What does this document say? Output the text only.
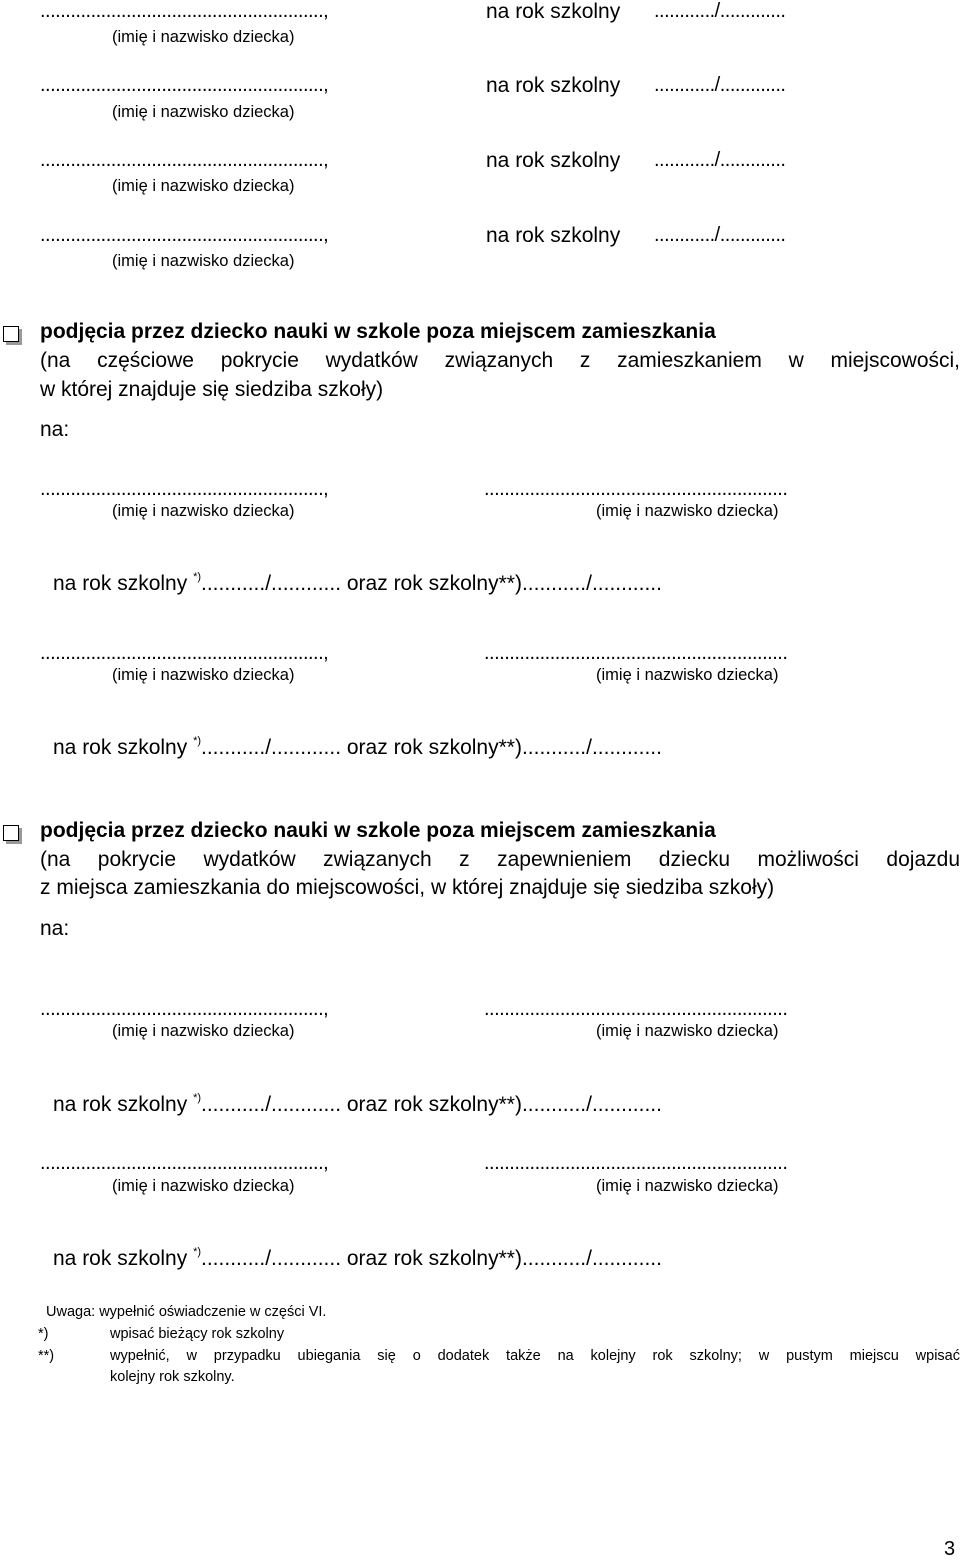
........................................................,	na rok szkolny ............/.............
(imię i nazwisko dziecka)
........................................................,	na rok szkolny ............/.............
(imię i nazwisko dziecka)
........................................................,	na rok szkolny ............/.............
(imię i nazwisko dziecka)
........................................................,	na rok szkolny ............/.............
(imię i nazwisko dziecka)
podjęcia przez dziecko nauki w szkole poza miejscem zamieszkania
(na częściowe pokrycie wydatków związanych z zamieszkaniem w miejscowości,
w której znajduje się siedziba szkoły)
na:
........................................................,	............................................................
(imię i nazwisko dziecka)	(imię i nazwisko dziecka)
na rok szkolny *).........../............ oraz rok szkolny**).........../............
........................................................,	............................................................
(imię i nazwisko dziecka)	(imię i nazwisko dziecka)
na rok szkolny *).........../............ oraz rok szkolny**).........../............
podjęcia przez dziecko nauki w szkole poza miejscem zamieszkania
(na pokrycie wydatków związanych z zapewnieniem dziecku możliwości dojazdu
z miejsca zamieszkania do miejscowości, w której znajduje się siedziba szkoły)
na:
........................................................,	............................................................
(imię i nazwisko dziecka)	(imię i nazwisko dziecka)
na rok szkolny *).........../............ oraz rok szkolny**).........../............
........................................................,	............................................................
(imię i nazwisko dziecka)	(imię i nazwisko dziecka)
na rok szkolny *).........../............ oraz rok szkolny**).........../............
Uwaga: wypełnić oświadczenie w części VI.
*)	wpisać bieżący rok szkolny
**)	wypełnić, w przypadku ubiegania się o dodatek także na kolejny rok szkolny; w pustym miejscu wpisać
kolejny rok szkolny.
3
